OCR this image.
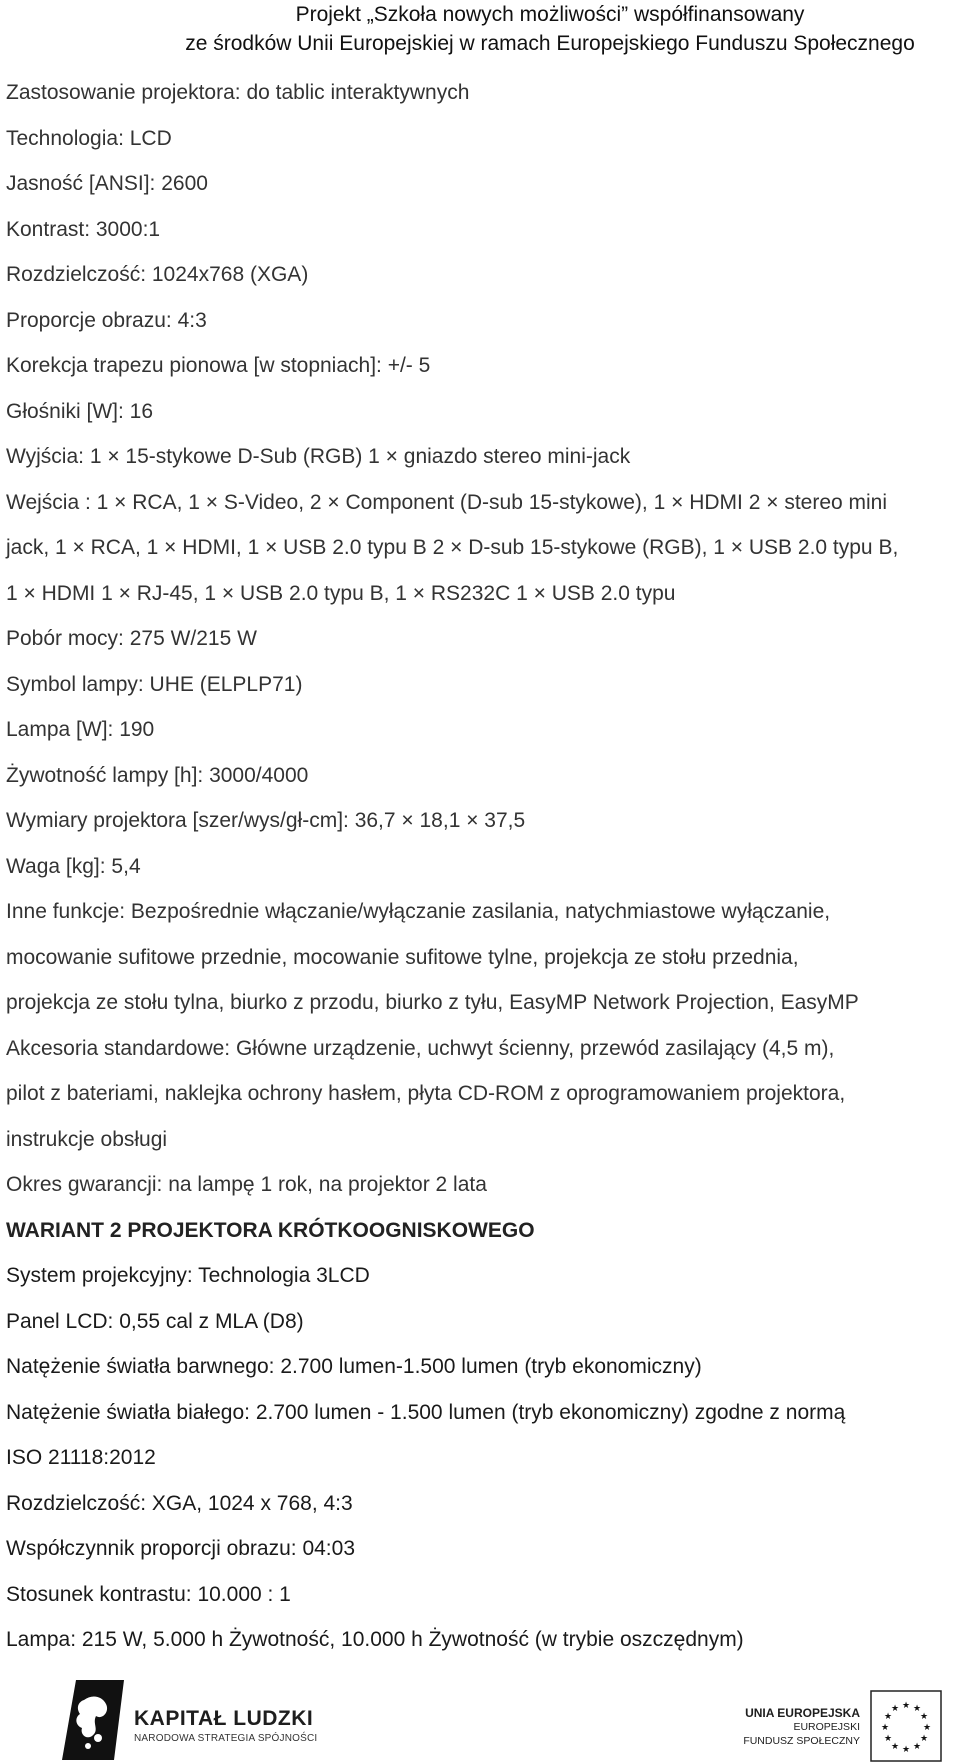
Projekt „Szkoła nowych możliwości” współfinansowany
ze środków Unii Europejskiej w ramach Europejskiego Funduszu Społecznego
Zastosowanie projektora: do tablic interaktywnych
Technologia: LCD
Jasność [ANSI]: 2600
Kontrast: 3000:1
Rozdzielczość: 1024x768 (XGA)
Proporcje obrazu: 4:3
Korekcja trapezu pionowa [w stopniach]: +/- 5
Głośniki [W]: 16
Wyjścia: 1 × 15-stykowe D-Sub (RGB) 1 × gniazdo stereo mini-jack
Wejścia : 1 × RCA, 1 × S-Video, 2 × Component (D-sub 15-stykowe), 1 × HDMI 2 × stereo mini
jack, 1 × RCA, 1 × HDMI, 1 × USB 2.0 typu B 2 × D-sub 15-stykowe (RGB), 1 × USB 2.0 typu B,
1 × HDMI 1 × RJ-45, 1 × USB 2.0 typu B, 1 × RS232C 1 × USB 2.0 typu
Pobór mocy: 275 W/215 W
Symbol lampy: UHE (ELPLP71)
Lampa [W]: 190
Żywotność lampy [h]: 3000/4000
Wymiary projektora [szer/wys/gł-cm]: 36,7 × 18,1 × 37,5
Waga [kg]: 5,4
Inne funkcje: Bezpośrednie włączanie/wyłączanie zasilania, natychmiastowe wyłączanie,
mocowanie sufitowe przednie, mocowanie sufitowe tylne, projekcja ze stołu przednia,
projekcja ze stołu tylna, biurko z przodu, biurko z tyłu, EasyMP Network Projection, EasyMP
Akcesoria standardowe: Główne urządzenie, uchwyt ścienny, przewód zasilający (4,5 m),
pilot z bateriami, naklejka ochrony hasłem, płyta CD-ROM z oprogramowaniem projektora,
instrukcje obsługi
Okres gwarancji: na lampę 1 rok, na projektor 2 lata
WARIANT 2 PROJEKTORA KRÓTKOOGNISKOWEGO
System projekcyjny: Technologia 3LCD
Panel LCD: 0,55 cal z MLA (D8)
Natężenie światła barwnego: 2.700 lumen-1.500 lumen (tryb ekonomiczny)
Natężenie światła białego: 2.700 lumen - 1.500 lumen (tryb ekonomiczny) zgodne z normą
ISO 21118:2012
Rozdzielczość: XGA, 1024 x 768, 4:3
Współczynnik proporcji obrazu: 04:03
Stosunek kontrastu: 10.000 : 1
Lampa: 215 W, 5.000 h Żywotność, 10.000 h Żywotność (w trybie oszczędnym)
KAPITAŁ LUDZKI
NARODOWA STRATEGIA SPÓJNOŚCI
UNIA EUROPEJSKA
EUROPEJSKI
FUNDUSZ SPOŁECZNY
★ ★
★
★
★
★
★
★
★
★
★
★
